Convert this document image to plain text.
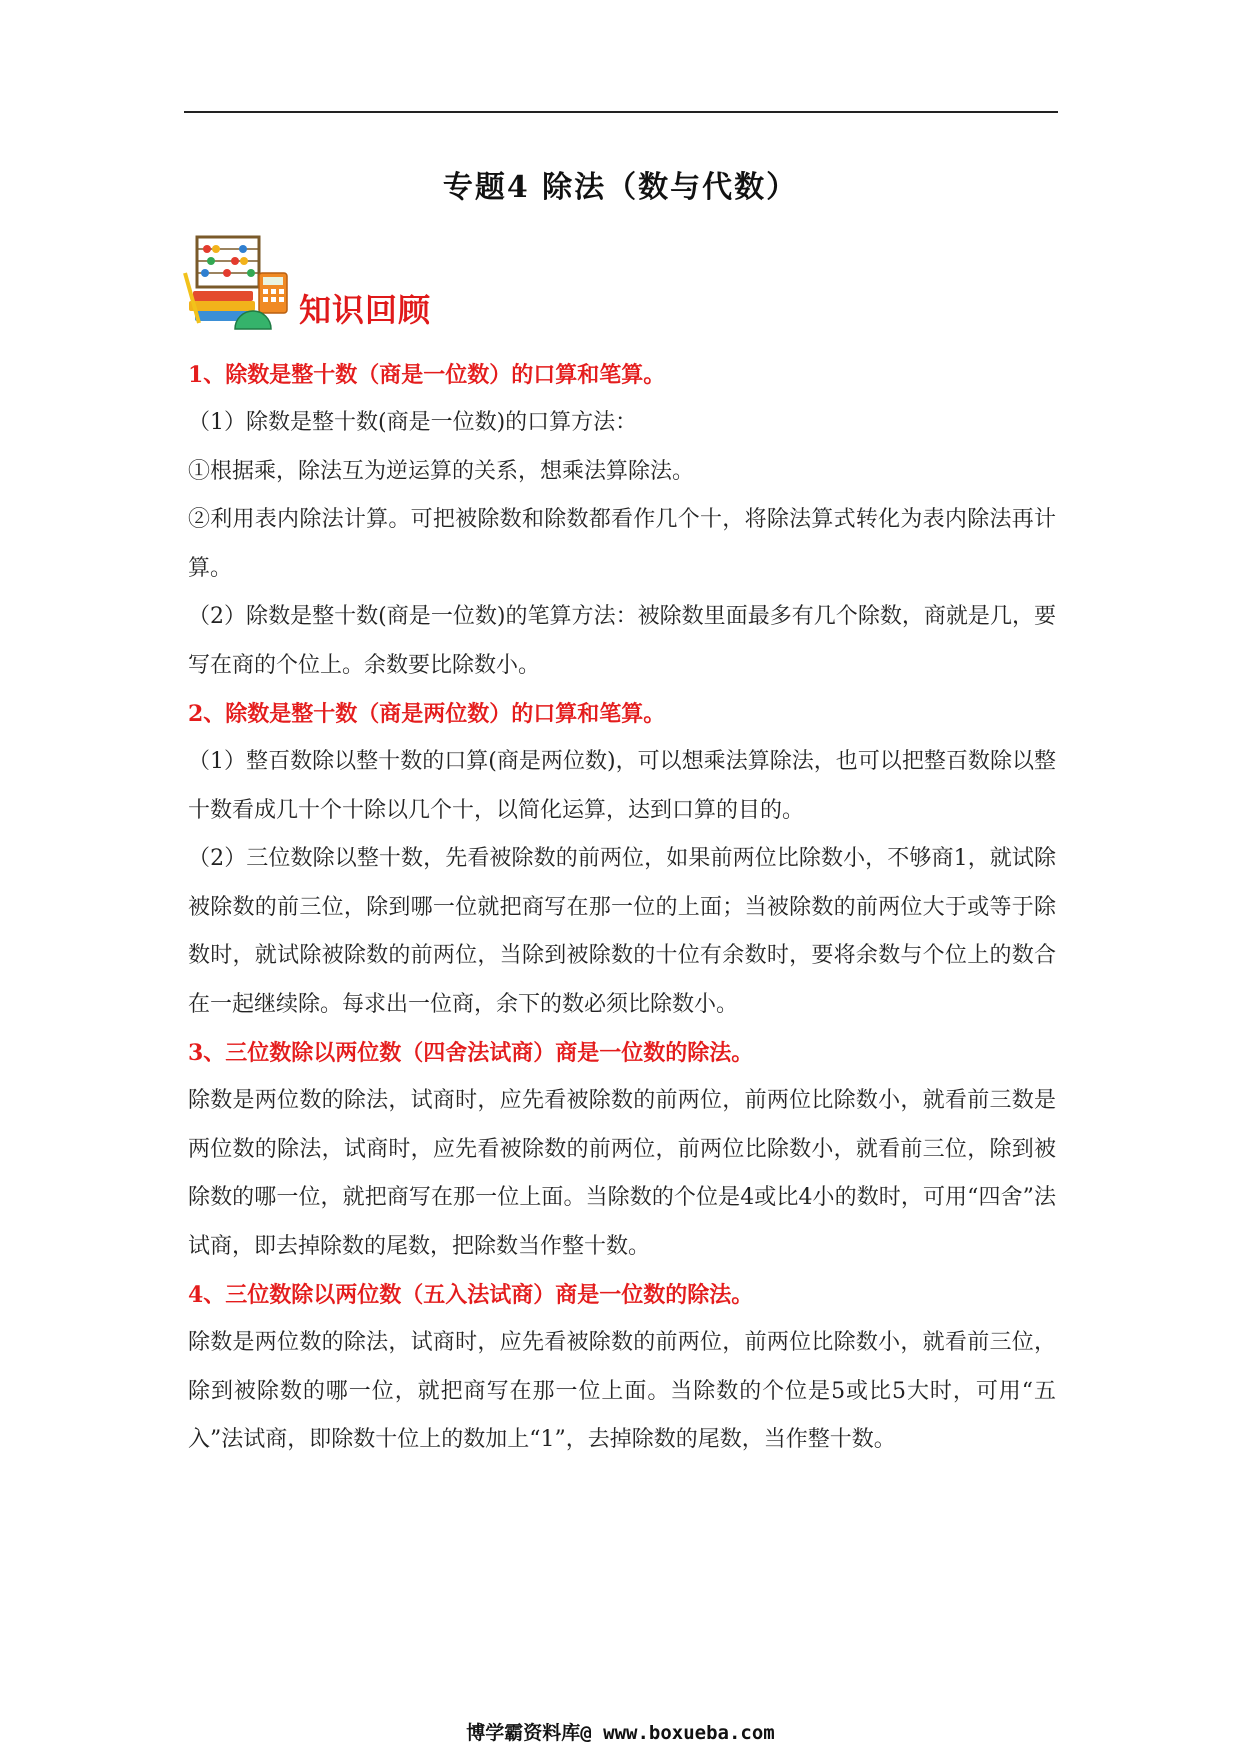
专题4 除法（数与代数）
知识回顾
1、除数是整十数（商是一位数）的口算和笔算。
（1）除数是整十数(商是一位数)的口算方法：
①根据乘，除法互为逆运算的关系，想乘法算除法。
②利用表内除法计算。可把被除数和除数都看作几个十，将除法算式转化为表内除法再计算。
（2）除数是整十数(商是一位数)的笔算方法：被除数里面最多有几个除数，商就是几，要写在商的个位上。余数要比除数小。
2、除数是整十数（商是两位数）的口算和笔算。
（1）整百数除以整十数的口算(商是两位数)，可以想乘法算除法，也可以把整百数除以整十数看成几十个十除以几个十，以简化运算，达到口算的目的。
（2）三位数除以整十数，先看被除数的前两位，如果前两位比除数小，不够商1，就试除被除数的前三位，除到哪一位就把商写在那一位的上面；当被除数的前两位大于或等于除数时，就试除被除数的前两位，当除到被除数的十位有余数时，要将余数与个位上的数合在一起继续除。每求出一位商，余下的数必须比除数小。
3、三位数除以两位数（四舍法试商）商是一位数的除法。
除数是两位数的除法，试商时，应先看被除数的前两位，前两位比除数小，就看前三数是两位数的除法，试商时，应先看被除数的前两位，前两位比除数小，就看前三位，除到被除数的哪一位，就把商写在那一位上面。当除数的个位是4或比4小的数时，可用“四舍”法试商，即去掉除数的尾数，把除数当作整十数。
4、三位数除以两位数（五入法试商）商是一位数的除法。
除数是两位数的除法，试商时，应先看被除数的前两位，前两位比除数小，就看前三位，除到被除数的哪一位，就把商写在那一位上面。当除数的个位是5或比5大时，可用“五入”法试商，即除数十位上的数加上“1”，去掉除数的尾数，当作整十数。
博学霸资料库@ www.boxueba.com
